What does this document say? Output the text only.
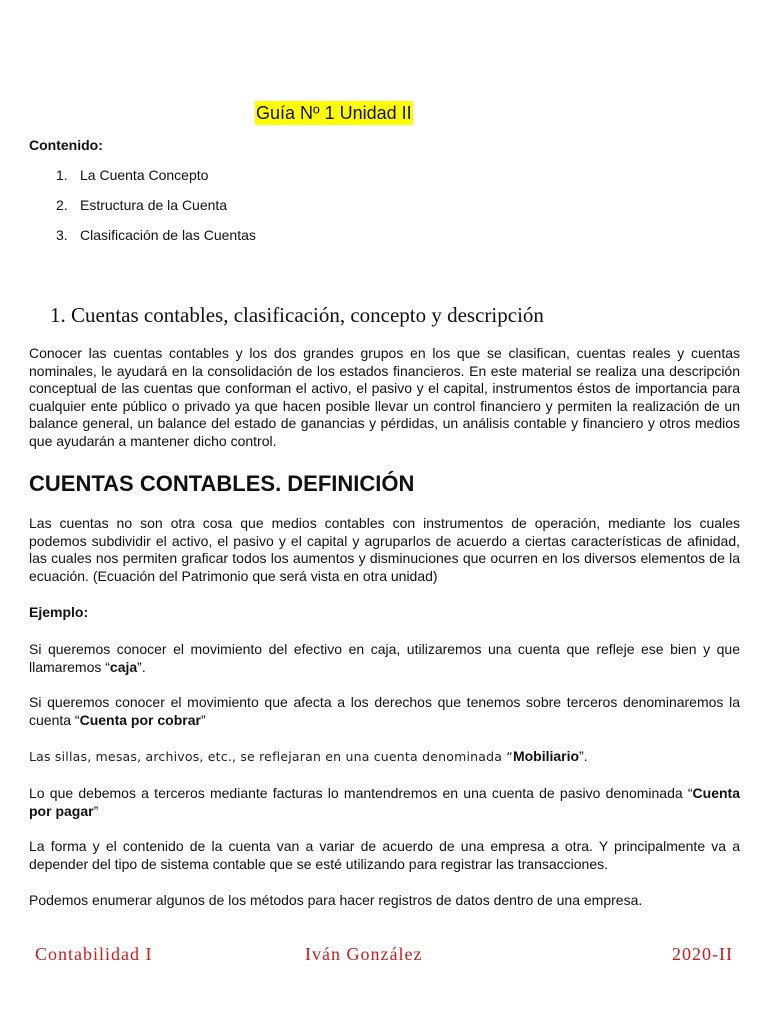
Guía Nº 1 Unidad II
Contenido:
1. La Cuenta Concepto
2. Estructura de la Cuenta
3. Clasificación de las Cuentas
1. Cuentas contables, clasificación, concepto y descripción

Conocer las cuentas contables y los dos grandes grupos en los que se clasifican, cuentas reales y cuentas nominales, le ayudará en la consolidación de los estados financieros. En este material se realiza una descripción conceptual de las cuentas que conforman el activo, el pasivo y el capital, instrumentos éstos de importancia para cualquier ente público o privado ya que hacen posible llevar un control financiero y permiten la realización de un balance general, un balance del estado de ganancias y pérdidas, un análisis contable y financiero y otros medios que ayudarán a mantener dicho control.

CUENTAS CONTABLES. DEFINICIÓN

Las cuentas no son otra cosa que medios contables con instrumentos de operación, mediante los cuales podemos subdividir el activo, el pasivo y el capital y agruparlos de acuerdo a ciertas características de afinidad, las cuales nos permiten graficar todos los aumentos y disminuciones que ocurren en los diversos elementos de la ecuación. (Ecuación del Patrimonio que será vista en otra unidad)

Ejemplo:

Si queremos conocer el movimiento del efectivo en caja, utilizaremos una cuenta que refleje ese bien y que llamaremos “caja”.

Si queremos conocer el movimiento que afecta a los derechos que tenemos sobre terceros denominaremos la cuenta “Cuenta por cobrar”

Las sillas, mesas, archivos, etc., se reflejaran en una cuenta denominada “Mobiliario”.

Lo que debemos a terceros mediante facturas lo mantendremos en una cuenta de pasivo denominada “Cuenta por pagar”

La forma y el contenido de la cuenta van a variar de acuerdo de una empresa a otra. Y principalmente va a depender del tipo de sistema contable que se esté utilizando para registrar las transacciones.

Podemos enumerar algunos de los métodos para hacer registros de datos dentro de una empresa.

Contabilidad I	Iván González	2020-II
